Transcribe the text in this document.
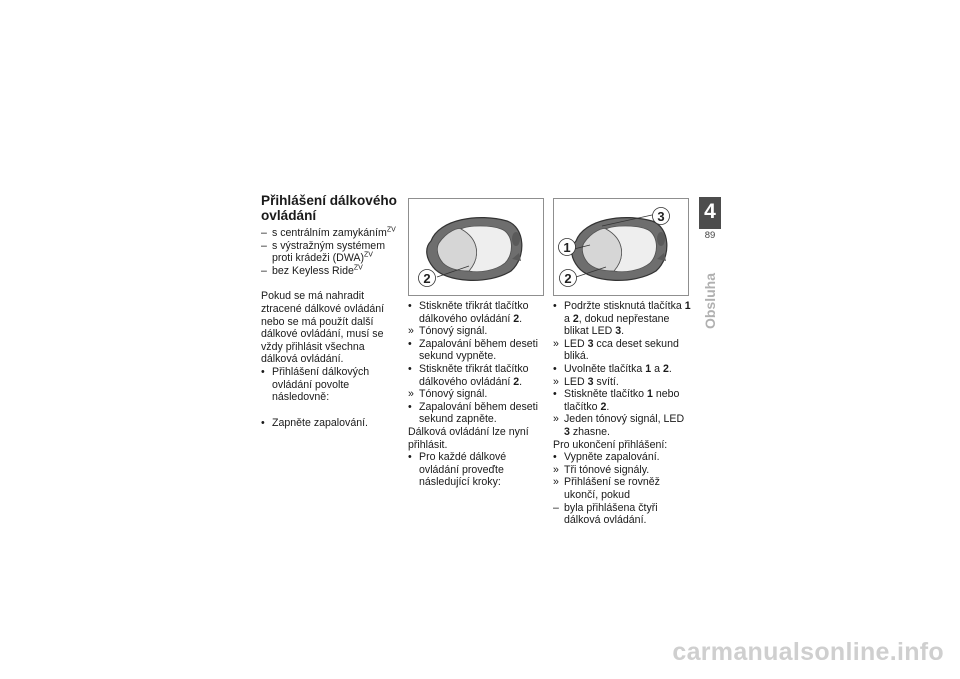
Přihlášení dálkového ovládání
– s centrálním zamykáním$^{ZV}$
– s výstražným systémem proti krádeži (DWA)$^{ZV}$
– bez Keyless Ride$^{ZV}$

Pokud se má nahradit ztracené dálkové ovládání nebo se má použít další dálkové ovládání, musí se vždy přihlásit všechna dálková ovládání.

• Přihlášení dálkových ovládání povolte následovně:
• Zapněte zapalování.
2
• Stiskněte třikrát tlačítko dálkového ovládání 2.
» Tónový signál.
• Zapalování během deseti sekund vypněte.
• Stiskněte třikrát tlačítko dálkového ovládání 2.
» Tónový signál.
• Zapalování během deseti sekund zapněte.

Dálková ovládání lze nyní přihlásit.

• Pro každé dálkové ovládání proveďte následující kroky:
3
1
2
• Podržte stisknutá tlačítka 1 a 2, dokud nepřestane blikat LED 3.
» LED 3 cca deset sekund bliká.
• Uvolněte tlačítka 1 a 2.
» LED 3 svítí.
• Stiskněte tlačítko 1 nebo tlačítko 2.
» Jeden tónový signál, LED 3 zhasne.

Pro ukončení přihlášení:

• Vypněte zapalování.
» Tři tónové signály.
» Přihlášení se rovněž ukončí, pokud
– byla přihlášena čtyři dálková ovládání.
4
89
Obsluha
carmanualsonline.info
